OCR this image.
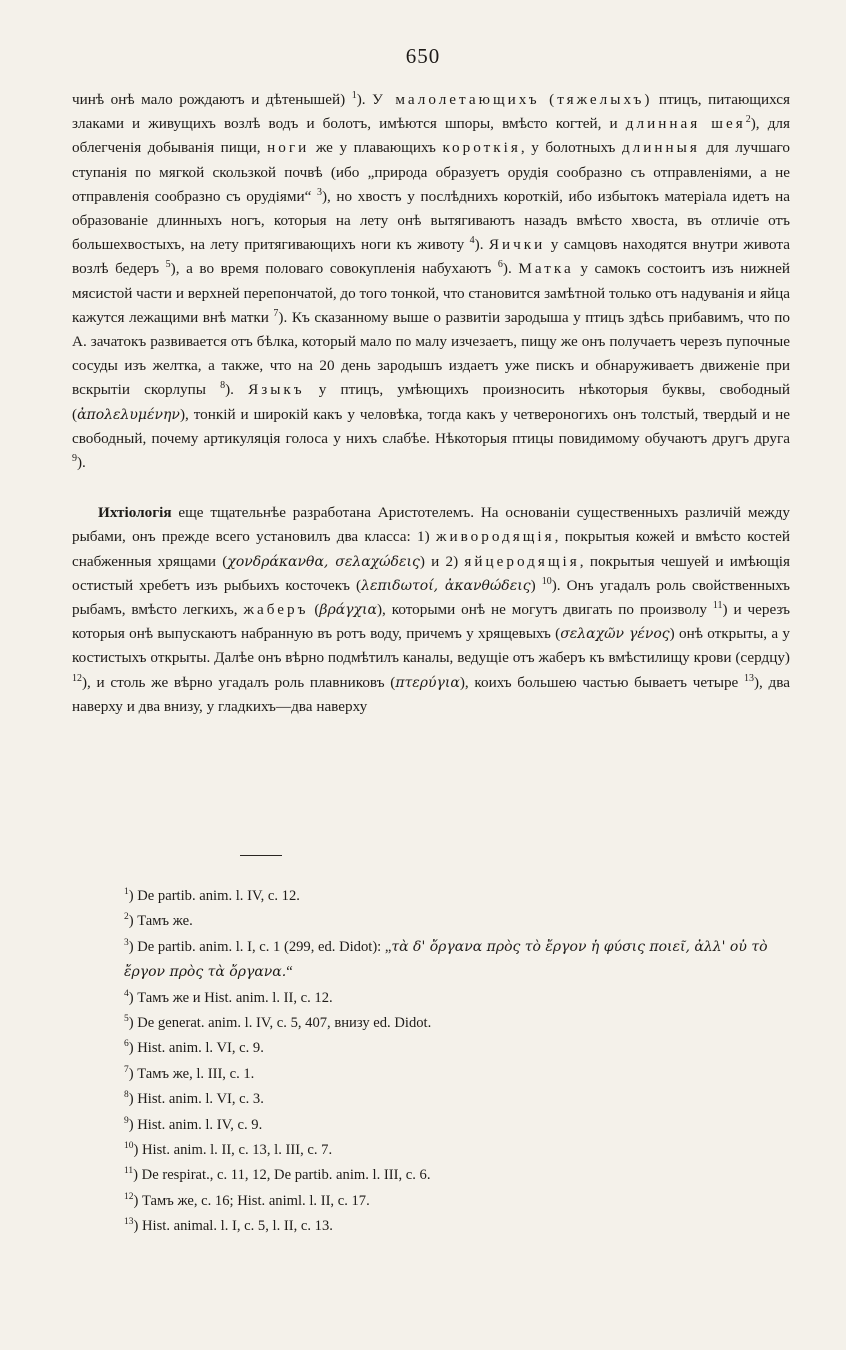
650

чинѣ онѣ мало рождаютъ и дѣтенышей) $^1$). У малолетающихъ (тяжелыхъ) птицъ, питающихся злаками и живущихъ возлѣ водъ и болотъ, имѣются шпоры, вмѣсто когтей, и длинная шея$^2$), для облегченія добыванія пищи, ноги же у плавающихъ короткія, у болотныхъ длинныя для лучшаго ступанія по мягкой скользкой почвѣ (ибо „природа образуетъ орудія сообразно съ отправленіями, а не отправленія сообразно съ орудіями“ $^3$), но хвостъ у послѣднихъ короткій, ибо избытокъ матеріала идетъ на образованіе длинныхъ ногъ, которыя на лету онѣ вытягиваютъ назадъ вмѣсто хвоста, въ отличіе отъ большехвостыхъ, на лету притягивающихъ ноги къ животу $^4$). Яички у самцовъ находятся внутри живота возлѣ бедеръ $^5$), а во время половаго совокупленія набухаютъ $^6$). Матка у самокъ состоитъ изъ нижней мясистой части и верхней перепончатой, до того тонкой, что становится замѣтной только отъ надуванія и яйца кажутся лежащими внѣ матки $^7$). Къ сказанному выше о развитіи зародыша у птицъ здѣсь прибавимъ, что по А. зачатокъ развивается отъ бѣлка, который мало по малу изчезаетъ, пищу же онъ получаетъ черезъ пупочные сосуды изъ желтка, а также, что на 20 день зародышъ издаетъ уже пискъ и обнаруживаетъ движеніе при вскрытіи скорлупы $^8$). Языкъ у птицъ, умѣющихъ произносить нѣкоторыя буквы, свободный (ἀπολελυμένην), тонкій и широкій какъ у человѣка, тогда какъ у четвероногихъ онъ толстый, твердый и не свободный, почему артикуляція голоса у нихъ слабѣе. Нѣкоторыя птицы повидимому обучаютъ другъ друга $^9$).

Ихтіологія еще тщательнѣе разработана Аристотелемъ. На основаніи существенныхъ различій между рыбами, онъ прежде всего установилъ два класса: 1) живородящія, покрытыя кожей и вмѣсто костей снабженныя хрящами (χονδράκανθα, σελαχώδεις) и 2) яйцеродящія, покрытыя чешуей и имѣющія остистый хребетъ изъ рыбьихъ косточекъ (λεπιδωτοί, ἀκανθώδεις) $^{10}$). Онъ угадалъ роль свойственныхъ рыбамъ, вмѣсто легкихъ, жаберъ (βράγχια), которыми онѣ не могутъ двигать по произволу $^{11}$) и черезъ которыя онѣ выпускаютъ набранную въ ротъ воду, причемъ у хрящевыхъ (σελαχῶν γένος) онѣ открыты, а у костистыхъ открыты. Далѣе онъ вѣрно подмѣтилъ каналы, ведущіе отъ жаберъ къ вмѣстилищу крови (сердцу) $^{12}$), и столь же вѣрно угадалъ роль плавниковъ (πτερύγια), коихъ большею частью бываетъ четыре $^{13}$), два наверху и два внизу, у гладкихъ—два наверху

$^1$) De partib. anim. l. IV, c. 12.

$^2$) Тамъ же.

$^3$) De partib. anim. l. I, c. 1 (299, ed. Didot): „τὰ δ' ὄργανα πρὸς τὸ ἔργον ἡ φύσις ποιεῖ, ἀλλ' οὐ τὸ ἔργον πρὸς τὰ ὄργανα.“

$^4$) Тамъ же и Hist. anim. l. II, c. 12.

$^5$) De generat. anim. l. IV, c. 5, 407, внизу ed. Didot.

$^6$) Hist. anim. l. VI, c. 9.

$^7$) Тамъ же, l. III, c. 1.

$^8$) Hist. anim. l. VI, c. 3.

$^9$) Hist. anim. l. IV, c. 9.

$^{10}$) Hist. anim. l. II, c. 13, l. III, c. 7.

$^{11}$) De respirat., c. 11, 12, De partib. anim. l. III, c. 6.

$^{12}$) Тамъ же, c. 16; Hist. animl. l. II, c. 17.

$^{13}$) Hist. animal. l. I, c. 5, l. II, c. 13.
